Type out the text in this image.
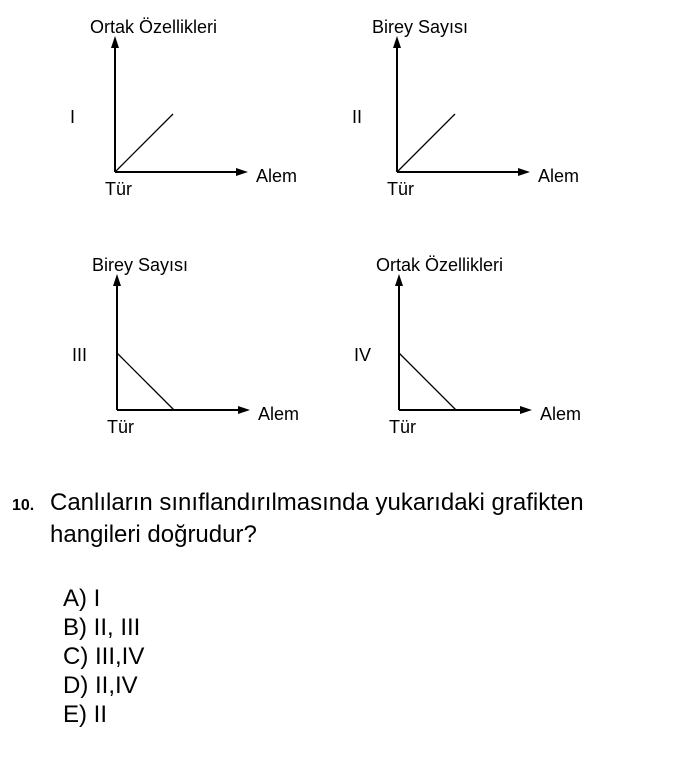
Ortak Özellikleri
I
Alem
Tür
Birey Sayısı
II
Alem
Tür
Birey Sayısı
III
Alem
Tür
Ortak Özellikleri
IV
Alem
Tür
10. Canlıların sınıflandırılmasında yukarıdaki grafikten
hangileri doğrudur?
A) I
B) II, III
C) III,IV
D) II,IV
E) II
